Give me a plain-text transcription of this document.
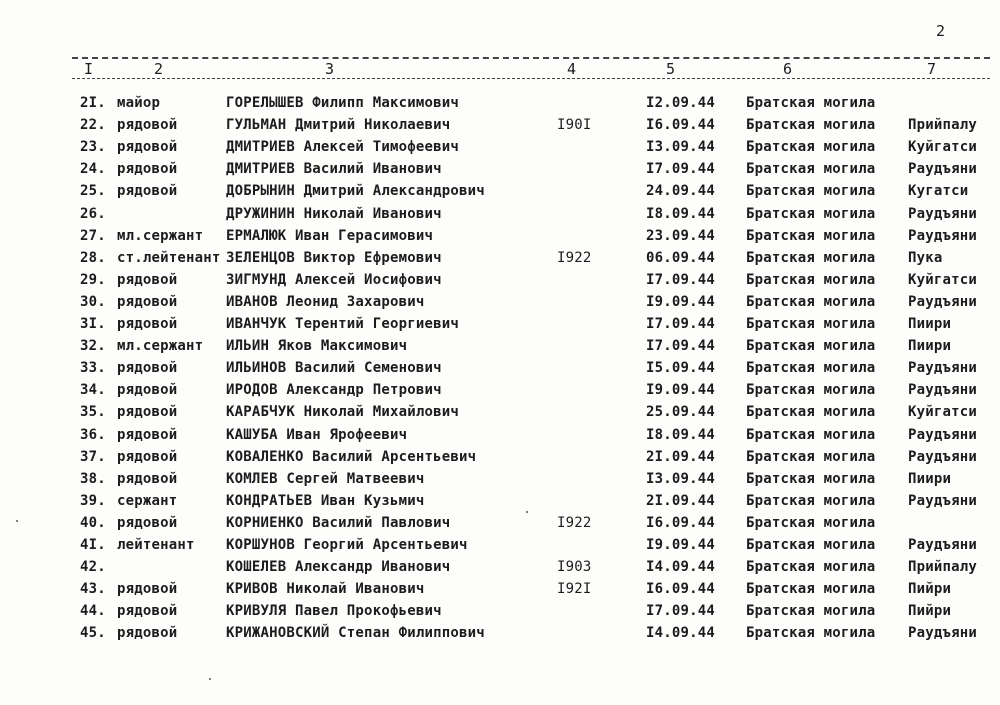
2
I	2	3	4	5	6	7
2I. майор	ГОРЕЛЫШЕВ Филипп Максимович	I2.09.44 Братская могила
22. рядовой	ГУЛЬМАН Дмитрий Николаевич	I90I	I6.09.44 Братская могила Прийпалу
23. рядовой	ДМИТРИЕВ Алексей Тимофеевич	I3.09.44 Братская могила Куйгатси
24. рядовой	ДМИТРИЕВ Василий Иванович	I7.09.44 Братская могила Раудъяни
25. рядовой	ДОБРЫНИН Дмитрий Александрович	24.09.44 Братская могила Кугатси
26.	ДРУЖИНИН Николай Иванович	I8.09.44 Братская могила Раудъяни
27. мл.сержант ЕРМАЛЮК Иван Герасимович	23.09.44 Братская могила Раудъяни
28. ст.лейтенант ЗЕЛЕНЦОВ Виктор Ефремович	I922	06.09.44 Братская могила Пука
29. рядовой	ЗИГМУНД Алексей Иосифович	I7.09.44 Братская могила Куйгатси
30. рядовой	ИВАНОВ Леонид Захарович	I9.09.44 Братская могила Раудъяни
3I. рядовой	ИВАНЧУК Терентий Георгиевич	I7.09.44 Братская могила Пиири
32. мл.сержант ИЛЬИН Яков Максимович	I7.09.44 Братская могила Пиири
33. рядовой	ИЛЬИНОВ Василий Семенович	I5.09.44 Братская могила Раудъяни
34. рядовой	ИРОДОВ Александр Петрович	I9.09.44 Братская могила Раудъяни
35. рядовой	КАРАБЧУК Николай Михайлович	25.09.44 Братская могила Куйгатси
36. рядовой	КАШУБА Иван Ярофеевич	I8.09.44 Братская могила Раудъяни
37. рядовой	КОВАЛЕНКО Василий Арсентьевич	2I.09.44 Братская могила Раудъяни
38. рядовой	КОМЛЕВ Сергей Матвеевич	I3.09.44 Братская могила Пиири
39. сержант	КОНДРАТЬЕВ Иван Кузьмич	2I.09.44 Братская могила Раудъяни
40. рядовой	КОРНИЕНКО Василий Павлович	I922	I6.09.44 Братская могила
4I. лейтенант КОРШУНОВ Георгий Арсентьевич	I9.09.44 Братская могила Раудъяни
42.	КОШЕЛЕВ Александр Иванович	I903	I4.09.44 Братская могила Прийпалу
43. рядовой	КРИВОВ Николай Иванович	I92I	I6.09.44 Братская могила Пийри
44. рядовой	КРИВУЛЯ Павел Прокофьевич	I7.09.44 Братская могила Пийри
45. рядовой	КРИЖАНОВСКИЙ Степан Филиппович	I4.09.44 Братская могила Раудъяни
